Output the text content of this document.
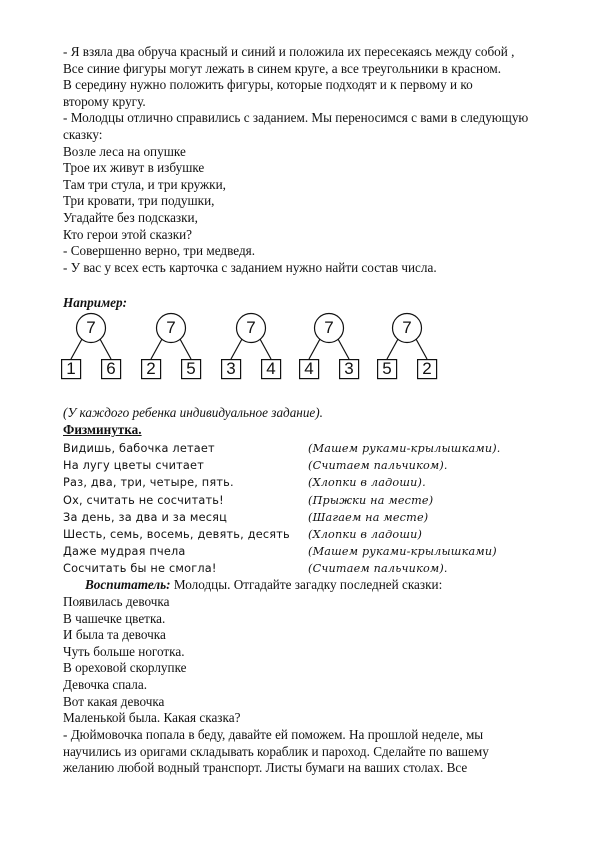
- Я взяла два обруча красный и синий и положила их пересекаясь между собой ,
Все синие фигуры могут лежать в синем круге, а все треугольники в красном.
В середину нужно положить фигуры, которые подходят и к первому и ко
второму кругу.
- Молодцы отлично справились с заданием. Мы переносимся с вами в следующую
сказку:
Возле леса на опушке
Трое их живут в избушке
Там три стула, и три кружки,
Три кровати, три подушки,
Угадайте без подсказки,
Кто герои этой сказки?
- Совершенно верно, три медведя.
- У вас у всех есть карточка с заданием нужно найти состав числа.
Например:
7
1	6
7
2	5
7
3	4
7
4	3
7
5	2
(У каждого ребенка индивидуальное задание).
Физминутка.
Видишь, бабочка летает	(Машем руками-крылышками).
На лугу цветы считает	(Считаем пальчиком).
Раз, два, три, четыре, пять.	(Хлопки в ладоши).
Ох, считать не сосчитать!	(Прыжки на месте)
За день, за два и за месяц	(Шагаем на месте)
Шесть, семь, восемь, девять, десять (Хлопки в ладоши)
Даже мудрая пчела	(Машем руками-крылышками)
Сосчитать бы не смогла!	(Считаем пальчиком).
Воспитатель: Молодцы. Отгадайте загадку последней сказки:
Появилась девочка
В чашечке цветка.
И была та девочка
Чуть больше ноготка.
В ореховой скорлупке
Девочка спала.
Вот какая девочка
Маленькой была. Какая сказка?
- Дюймовочка попала в беду, давайте ей поможем. На прошлой неделе, мы
научились из оригами складывать кораблик и пароход. Сделайте по вашему
желанию любой водный транспорт. Листы бумаги на ваших столах. Все
